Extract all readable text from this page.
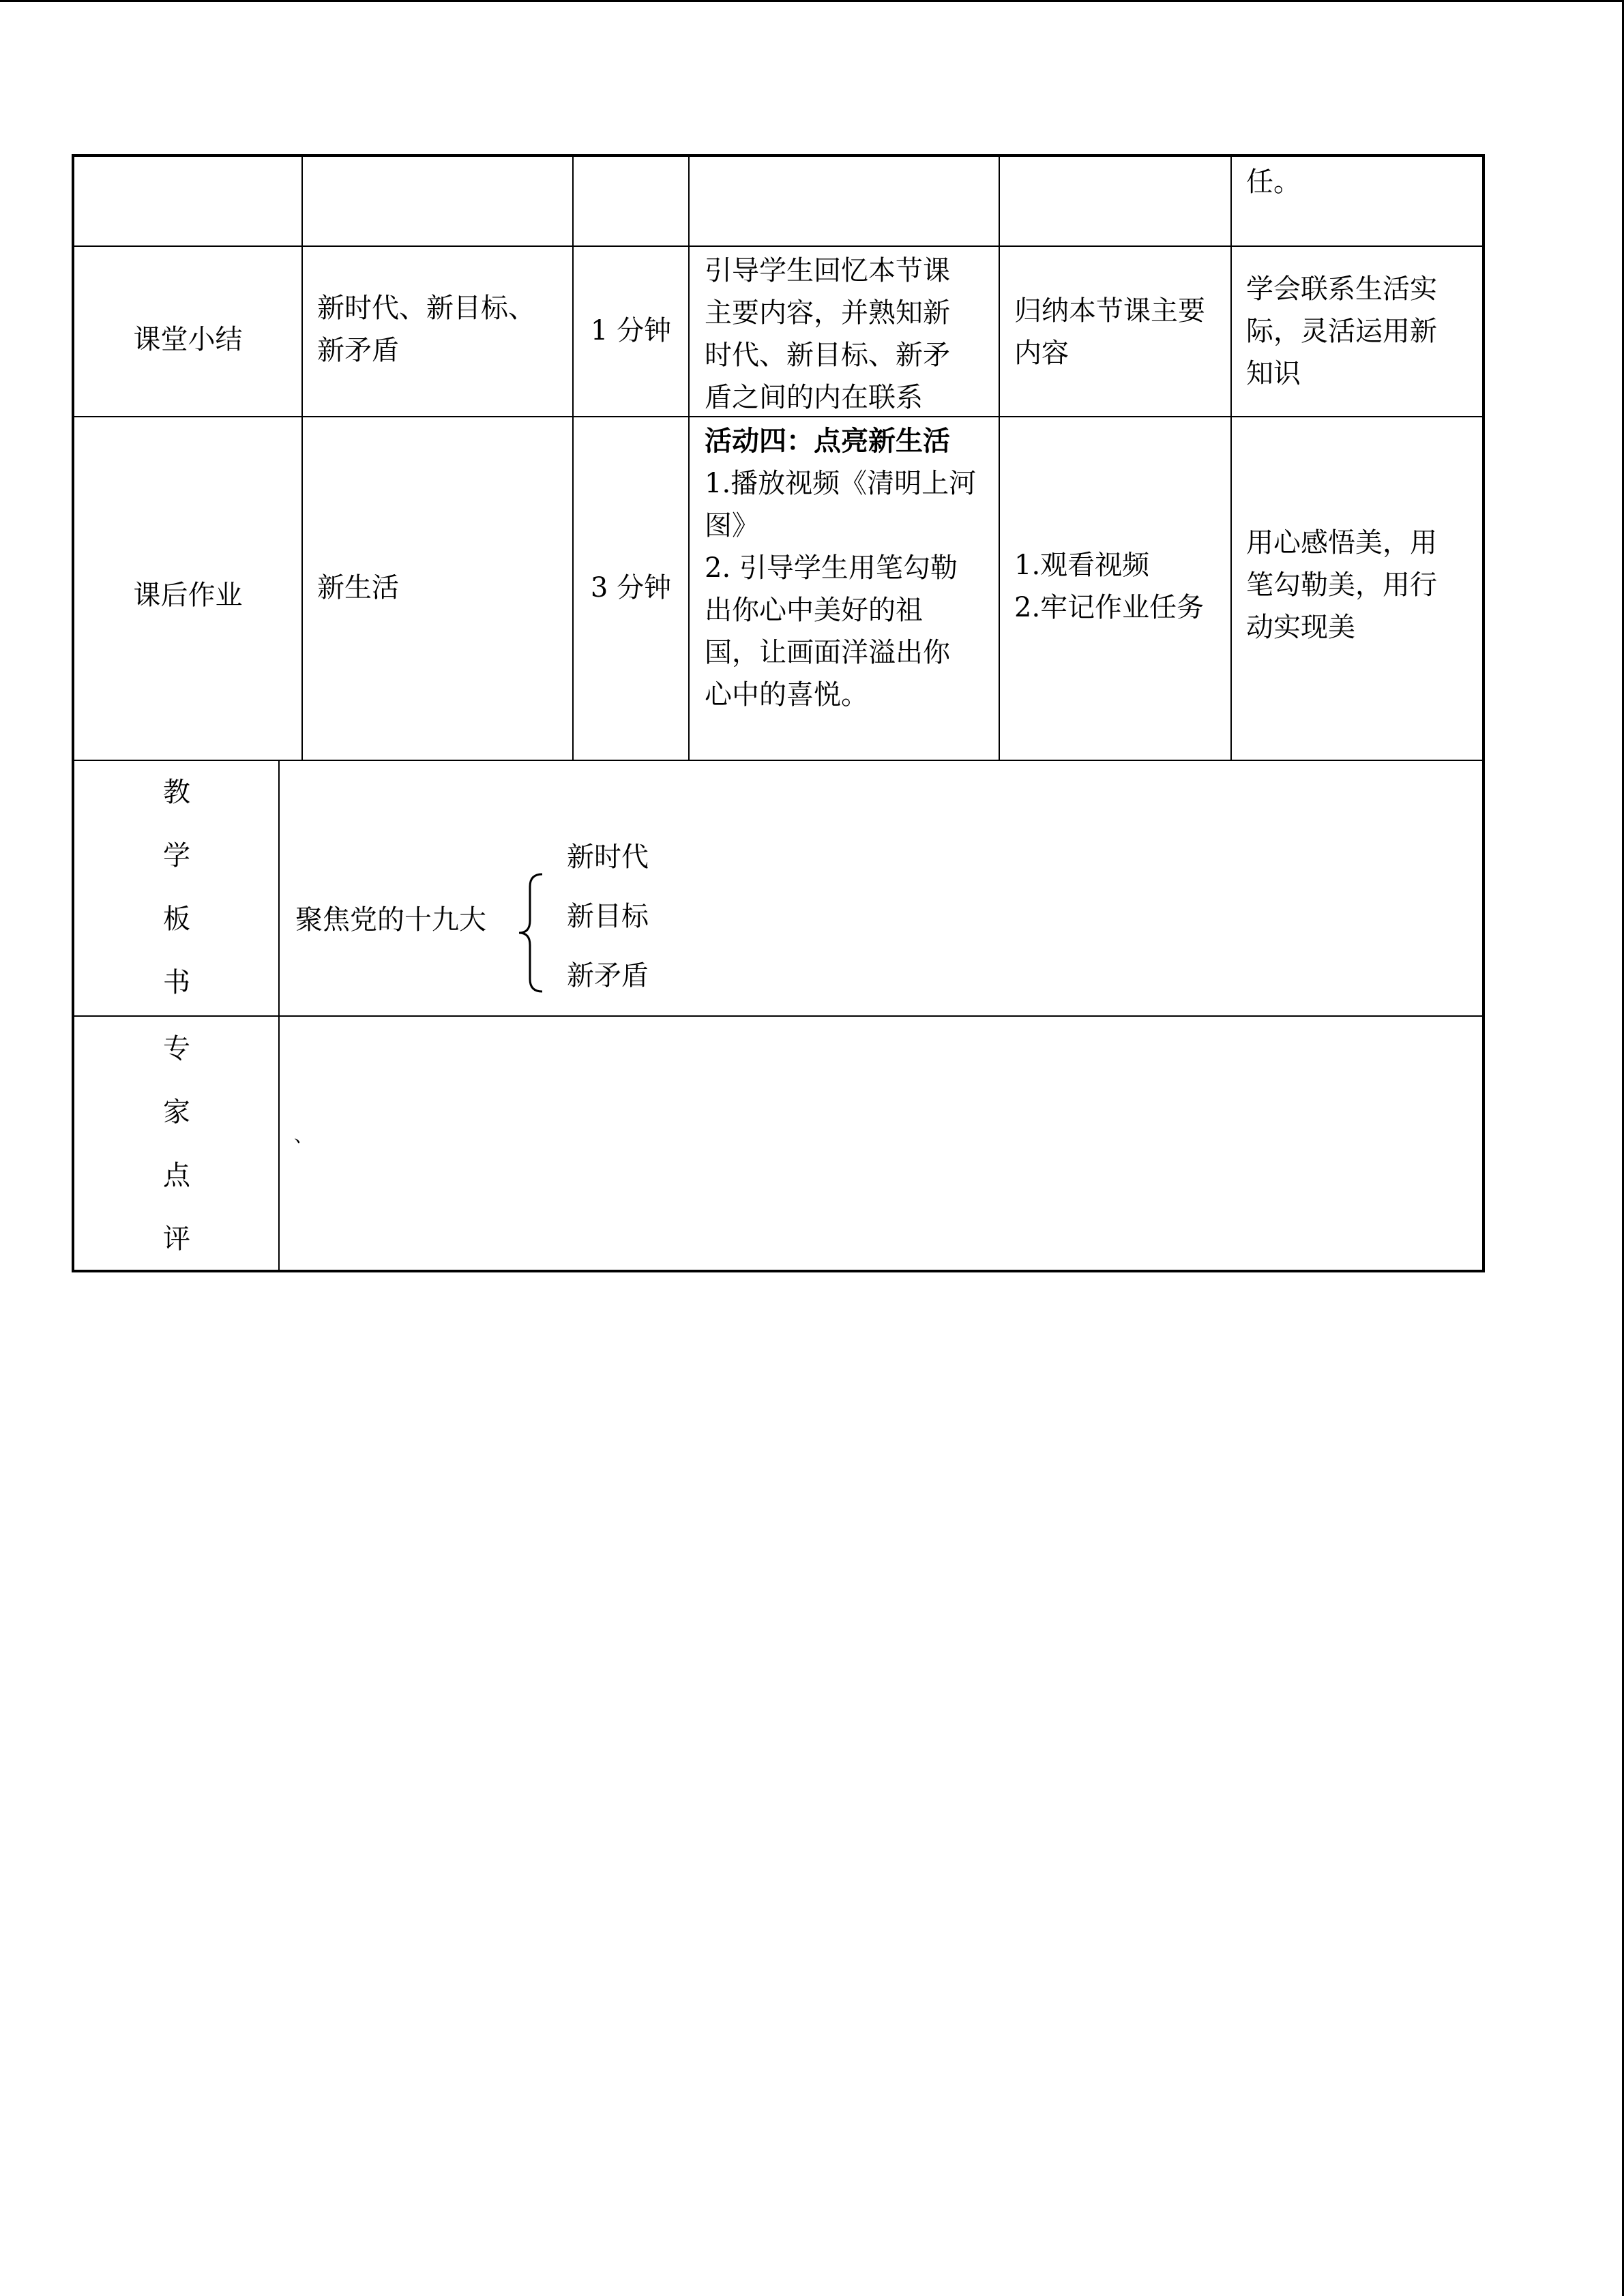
任。
课堂小结
新时代、新目标、
新矛盾
1 分钟
引导学生回忆本节课
主要内容，并熟知新
时代、新目标、新矛
盾之间的内在联系
归纳本节课主要
内容
学会联系生活实
际，灵活运用新
知识
课后作业	新生活	3 分钟
活动四：点亮新生活
1.播放视频《清明上河
图》
2. 引导学生用笔勾勒
出你心中美好的祖
国，让画面洋溢出你
心中的喜悦。
1.观看视频
2.牢记作业任务
用心感悟美，用
笔勾勒美，用行
动实现美
教
学
板
书
聚焦党的十九大
新时代
新目标
新矛盾
专
家
点
评
、
